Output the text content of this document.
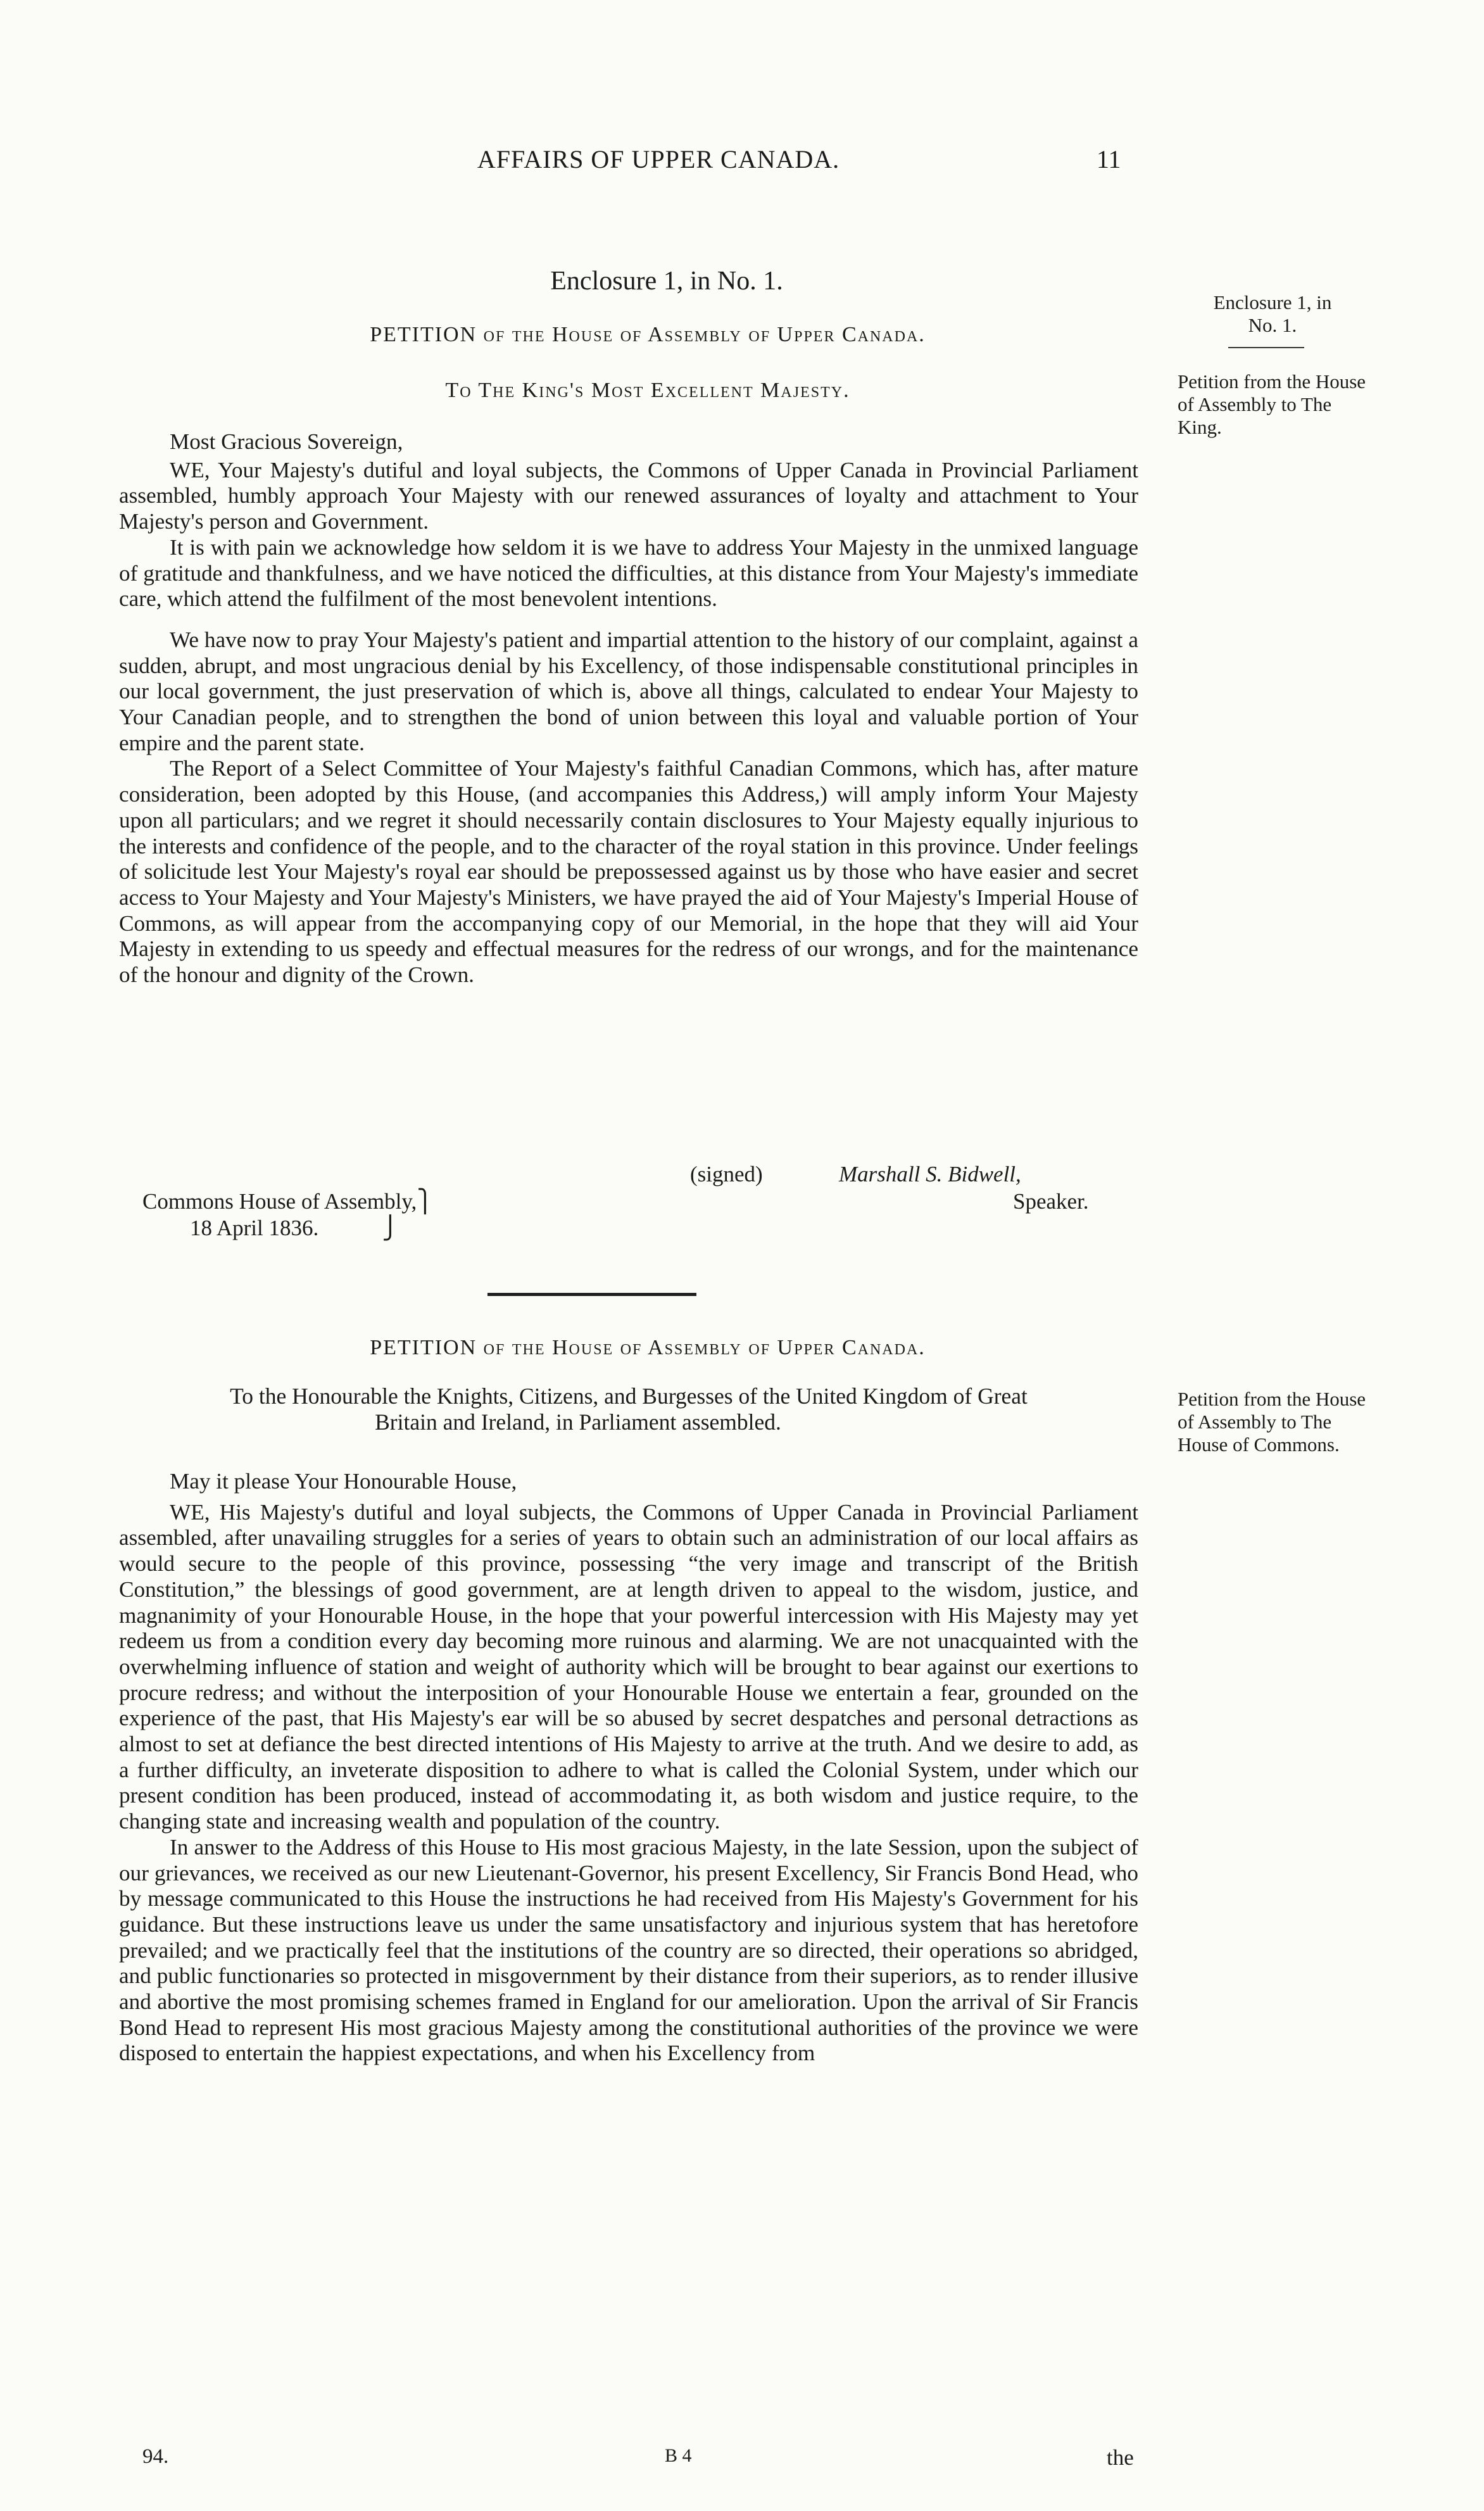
AFFAIRS OF UPPER CANADA.	11

Enclosure 1, in No. 1.

PETITION of the House of Assembly of Upper Canada.

To The King's Most Excellent Majesty.

Most Gracious Sovereign,

WE, Your Majesty's dutiful and loyal subjects, the Commons of Upper Canada in Provincial Parliament assembled, humbly approach Your Majesty with our renewed assurances of loyalty and attachment to Your Majesty's person and Government.

It is with pain we acknowledge how seldom it is we have to address Your Majesty in the unmixed language of gratitude and thankfulness, and we have noticed the difficulties, at this distance from Your Majesty's immediate care, which attend the fulfilment of the most benevolent intentions.

We have now to pray Your Majesty's patient and impartial attention to the history of our complaint, against a sudden, abrupt, and most ungracious denial by his Excellency, of those indispensable constitutional principles in our local government, the just preservation of which is, above all things, calculated to endear Your Majesty to Your Canadian people, and to strengthen the bond of union between this loyal and valuable portion of Your empire and the parent state.

The Report of a Select Committee of Your Majesty's faithful Canadian Commons, which has, after mature consideration, been adopted by this House, (and accompanies this Address,) will amply inform Your Majesty upon all particulars; and we regret it should necessarily contain disclosures to Your Majesty equally injurious to the interests and confidence of the people, and to the character of the royal station in this province. Under feelings of solicitude lest Your Majesty's royal ear should be prepossessed against us by those who have easier and secret access to Your Majesty and Your Majesty's Ministers, we have prayed the aid of Your Majesty's Imperial House of Commons, as will appear from the accompanying copy of our Memorial, in the hope that they will aid Your Majesty in extending to us speedy and effectual measures for the redress of our wrongs, and for the maintenance of the honour and dignity of the Crown.

(signed)	Marshall S. Bidwell,
Speaker.
Commons House of Assembly,⎫
18 April 1836.	⎭

PETITION of the House of Assembly of Upper Canada.

To the Honourable the Knights, Citizens, and Burgesses of the United Kingdom of Great

Britain and Ireland, in Parliament assembled.

May it please Your Honourable House,

WE, His Majesty's dutiful and loyal subjects, the Commons of Upper Canada in Provincial Parliament assembled, after unavailing struggles for a series of years to obtain such an administration of our local affairs as would secure to the people of this province, possessing “the very image and transcript of the British Constitution,” the blessings of good government, are at length driven to appeal to the wisdom, justice, and magnanimity of your Honourable House, in the hope that your powerful intercession with His Majesty may yet redeem us from a condition every day becoming more ruinous and alarming. We are not unacquainted with the overwhelming influence of station and weight of authority which will be brought to bear against our exertions to procure redress; and without the interposition of your Honourable House we entertain a fear, grounded on the experience of the past, that His Majesty's ear will be so abused by secret despatches and personal detractions as almost to set at defiance the best directed intentions of His Majesty to arrive at the truth. And we desire to add, as a further difficulty, an inveterate disposition to adhere to what is called the Colonial System, under which our present condition has been produced, instead of accommodating it, as both wisdom and justice require, to the changing state and increasing wealth and population of the country.

In answer to the Address of this House to His most gracious Majesty, in the late Session, upon the subject of our grievances, we received as our new Lieutenant-Governor, his present Excellency, Sir Francis Bond Head, who by message communicated to this House the instructions he had received from His Majesty's Government for his guidance. But these instructions leave us under the same unsatisfactory and injurious system that has heretofore prevailed; and we practically feel that the institutions of the country are so directed, their operations so abridged, and public functionaries so protected in misgovernment by their distance from their superiors, as to render illusive and abortive the most promising schemes framed in England for our amelioration. Upon the arrival of Sir Francis Bond Head to represent His most gracious Majesty among the constitutional authorities of the province we were disposed to entertain the happiest expectations, and when his Excellency from

94.	B 4	the
Enclosure 1, in
No. 1.
Petition from the House of Assembly to The King.
Petition from the House of Assembly to The House of Commons.
